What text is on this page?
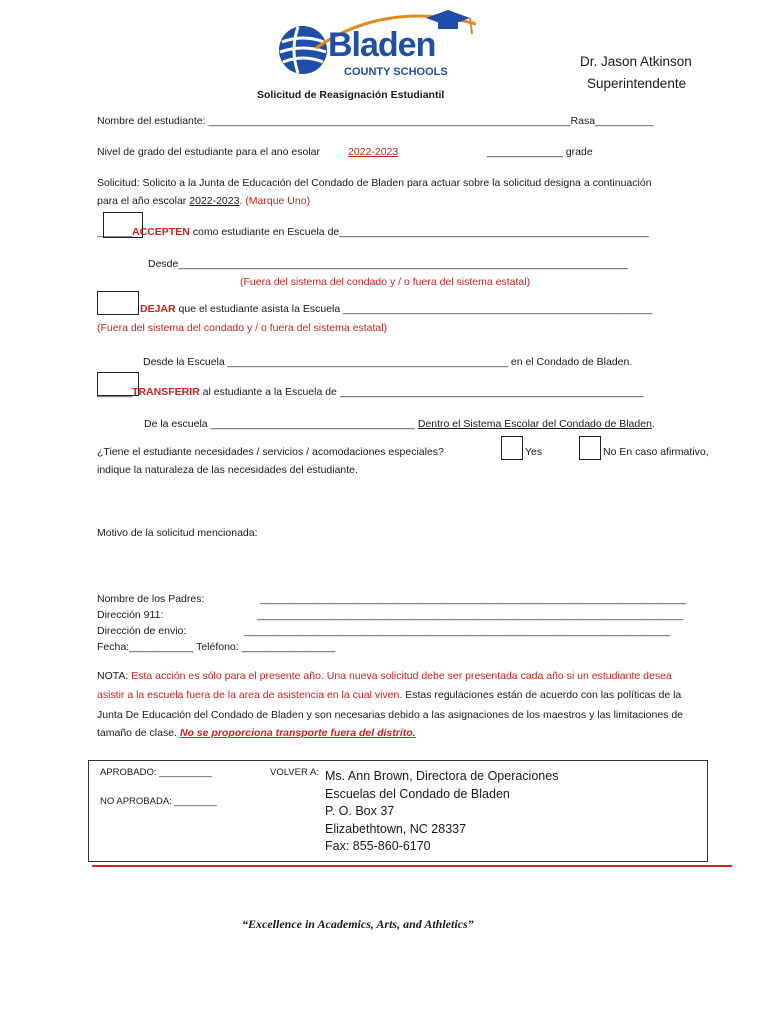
Bladen
COUNTY SCHOOLS
Dr. Jason Atkinson
Superintendente
Solicitud de Reasignación Estudiantil
Nombre del estudiante: ______________________________________________________________Rasa__________
Nivel de grado del estudiante para el ano esolar	2022-2023	_____________ grade
Solicitud: Solicito a la Junta de Educación del Condado de Bladen para actuar sobre la solicitud designa a continuación
para el año escolar 2022-2023. (Marque Uno)
______ACCEPTEN como estudiante en Escuela de_____________________________________________________
Desde_____________________________________________________________________________
(Fuera del sistema del condado y / o fuera del sistema estatal)
DEJAR que el estudiante asista la Escuela _____________________________________________________
(Fuera del sistema del condado y / o fuera del sistema estatal)
Desde la Escuela ________________________________________________ en el Condado de Bladen.
______TRANSFERIR al estudiante a la Escuela de ____________________________________________________
De la escuela ___________________________________ Dentro el Sistema Escolar del Condado de Bladen.
¿Tiene el estudiante necesidades / servicios / acomodaciones especiales?	Yes	No En caso afirmativo,
indique la naturaleza de las necesidades del estudiante.
Motivo de la solicitud mencionada:
Nombre de los Padres:	_________________________________________________________________________
Dirección 911:	_________________________________________________________________________
Dirección de envio:	_________________________________________________________________________
Fecha:___________ Teléfono: ________________
NOTA: Esta acción es sólo para el presente año. Una nueva solicitud debe ser presentada cada año si un estudiante desea
asistir a la escuela fuera de la area de asistencia en la cual viven. Estas regulaciones están de acuerdo con las políticas de la
Junta De Educación del Condado de Bladen y son necesarias debido a las asignaciones de los maestros y las limitaciones de
tamaño de clase. No se proporciona transporte fuera del distrito.
APROBADO: __________
NO APROBADA: ________
VOLVER A: Ms. Ann Brown, Directora de Operaciones
Escuelas del Condado de Bladen
P. O. Box 37
Elizabethtown, NC 28337
Fax: 855-860-6170
“Excellence in Academics, Arts, and Athletics”
